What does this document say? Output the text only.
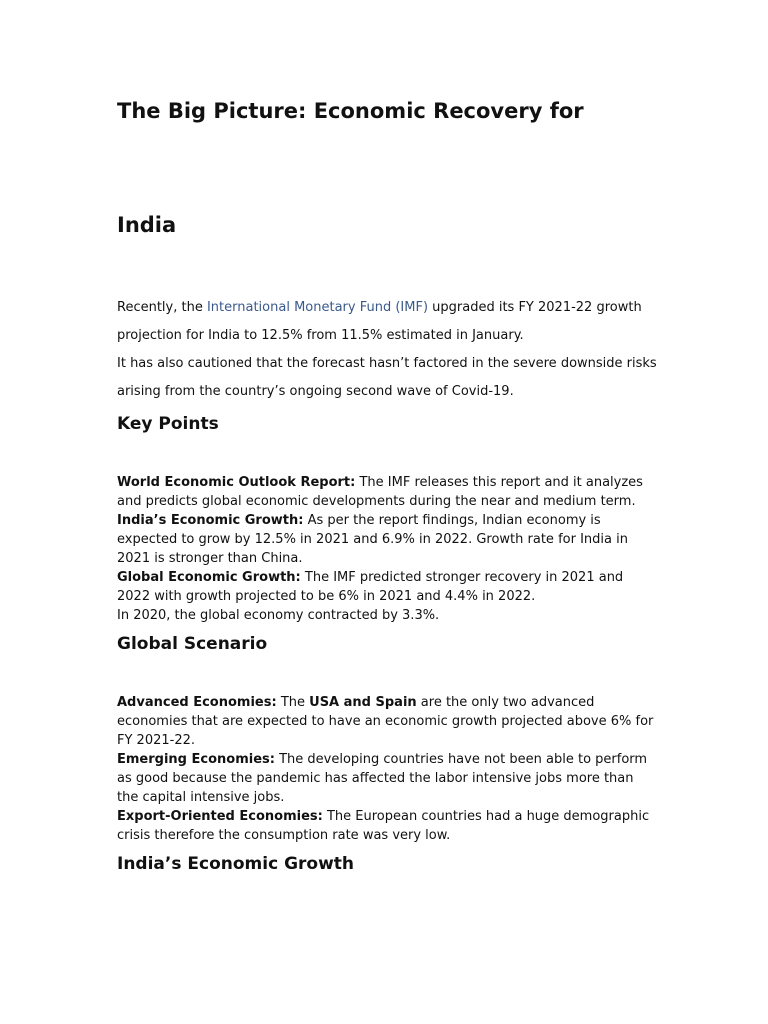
The Big Picture: Economic Recovery for
India

Recently, the International Monetary Fund (IMF) upgraded its FY 2021-22 growth projection for India to 12.5% from 11.5% estimated in January.

It has also cautioned that the forecast hasn’t factored in the severe downside risks arising from the country’s ongoing second wave of Covid-19.

Key Points

World Economic Outlook Report: The IMF releases this report and it analyzes and predicts global economic developments during the near and medium term.

India’s Economic Growth: As per the report findings, Indian economy is expected to grow by 12.5% in 2021 and 6.9% in 2022. Growth rate for India in 2021 is stronger than China.

Global Economic Growth: The IMF predicted stronger recovery in 2021 and 2022 with growth projected to be 6% in 2021 and 4.4% in 2022.

In 2020, the global economy contracted by 3.3%.

Global Scenario

Advanced Economies: The USA and Spain are the only two advanced economies that are expected to have an economic growth projected above 6% for FY 2021-22.

Emerging Economies: The developing countries have not been able to perform as good because the pandemic has affected the labor intensive jobs more than the capital intensive jobs.

Export-Oriented Economies: The European countries had a huge demographic crisis therefore the consumption rate was very low.

India’s Economic Growth
